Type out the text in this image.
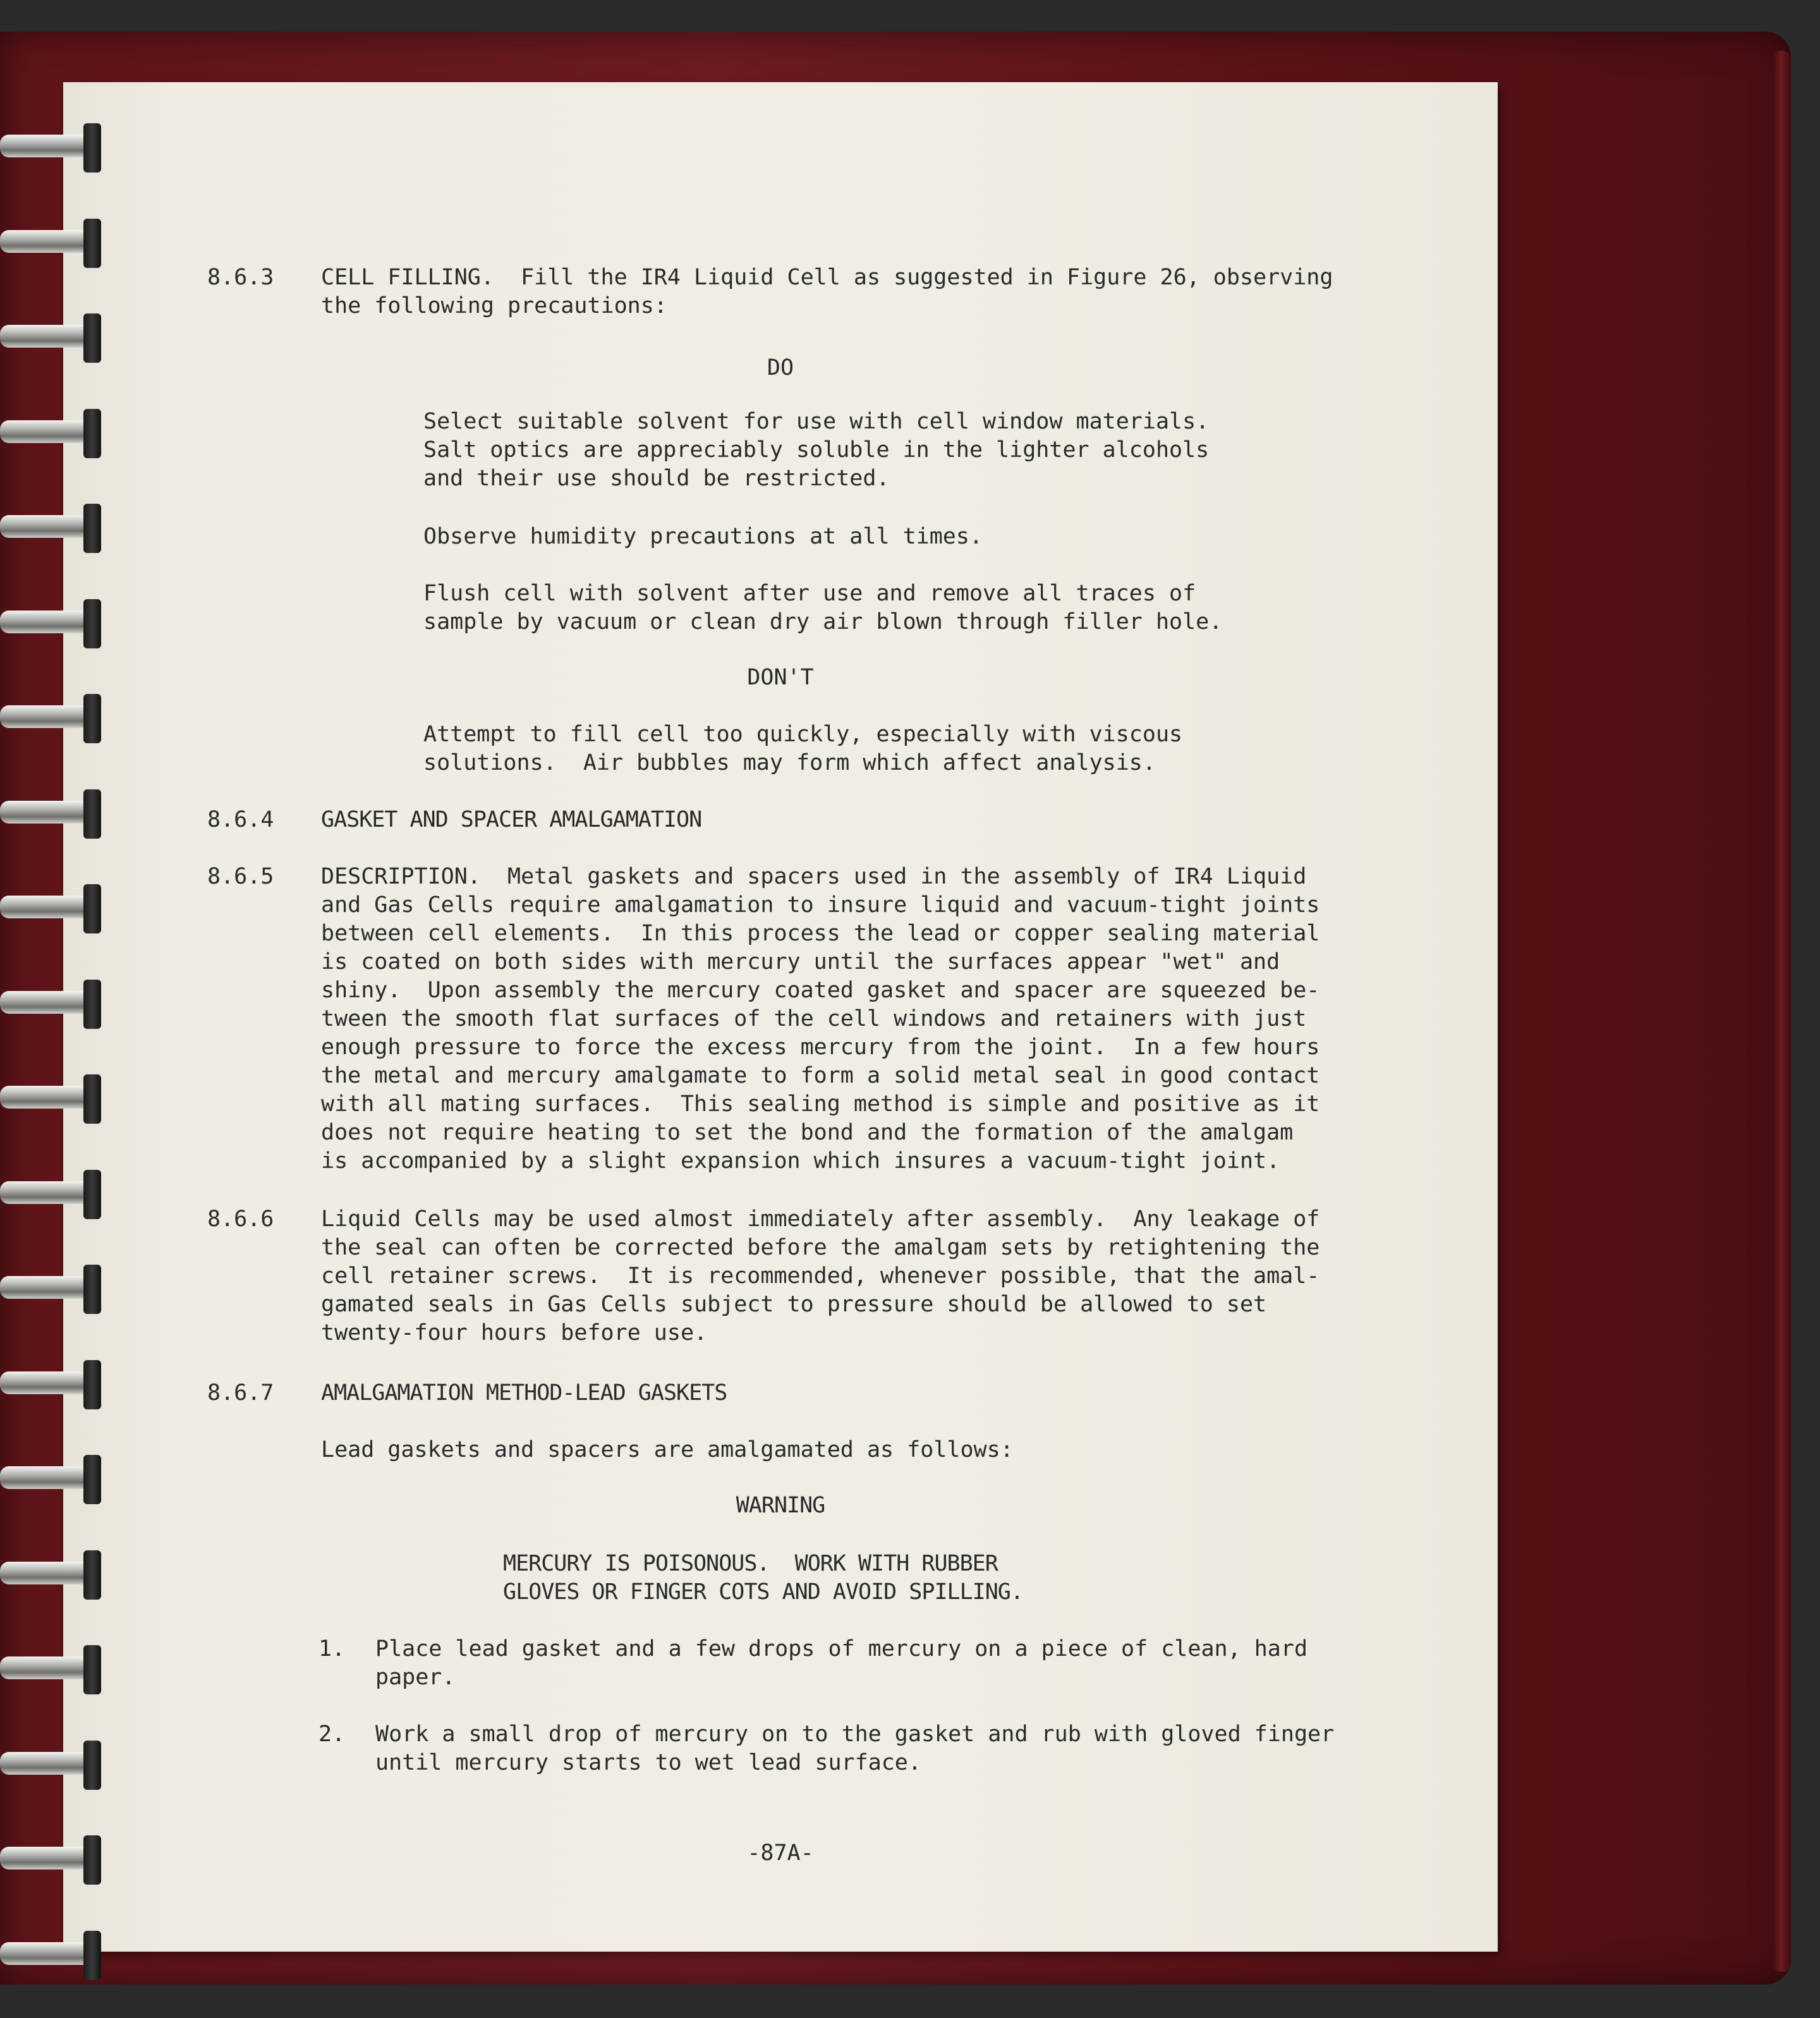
8.6.3 CELL FILLING.  Fill the IR4 Liquid Cell as suggested in Figure 26, observing
the following precautions:
DO
Select suitable solvent for use with cell window materials.
Salt optics are appreciably soluble in the lighter alcohols
and their use should be restricted.
Observe humidity precautions at all times.
Flush cell with solvent after use and remove all traces of
sample by vacuum or clean dry air blown through filler hole.
DON'T
Attempt to fill cell too quickly, especially with viscous
solutions.  Air bubbles may form which affect analysis.
8.6.4 GASKET AND SPACER AMALGAMATION
8.6.5 DESCRIPTION.  Metal gaskets and spacers used in the assembly of IR4 Liquid
and Gas Cells require amalgamation to insure liquid and vacuum-tight joints
between cell elements.  In this process the lead or copper sealing material
is coated on both sides with mercury until the surfaces appear "wet" and
shiny.  Upon assembly the mercury coated gasket and spacer are squeezed be-
tween the smooth flat surfaces of the cell windows and retainers with just
enough pressure to force the excess mercury from the joint.  In a few hours
the metal and mercury amalgamate to form a solid metal seal in good contact
with all mating surfaces.  This sealing method is simple and positive as it
does not require heating to set the bond and the formation of the amalgam
is accompanied by a slight expansion which insures a vacuum-tight joint.
8.6.6 Liquid Cells may be used almost immediately after assembly.  Any leakage of
the seal can often be corrected before the amalgam sets by retightening the
cell retainer screws.  It is recommended, whenever possible, that the amal-
gamated seals in Gas Cells subject to pressure should be allowed to set
twenty-four hours before use.
8.6.7 AMALGAMATION METHOD-LEAD GASKETS
Lead gaskets and spacers are amalgamated as follows:
WARNING
MERCURY IS POISONOUS.  WORK WITH RUBBER
GLOVES OR FINGER COTS AND AVOID SPILLING.
1. Place lead gasket and a few drops of mercury on a piece of clean, hard
paper.
2. Work a small drop of mercury on to the gasket and rub with gloved finger
until mercury starts to wet lead surface.
-87A-
